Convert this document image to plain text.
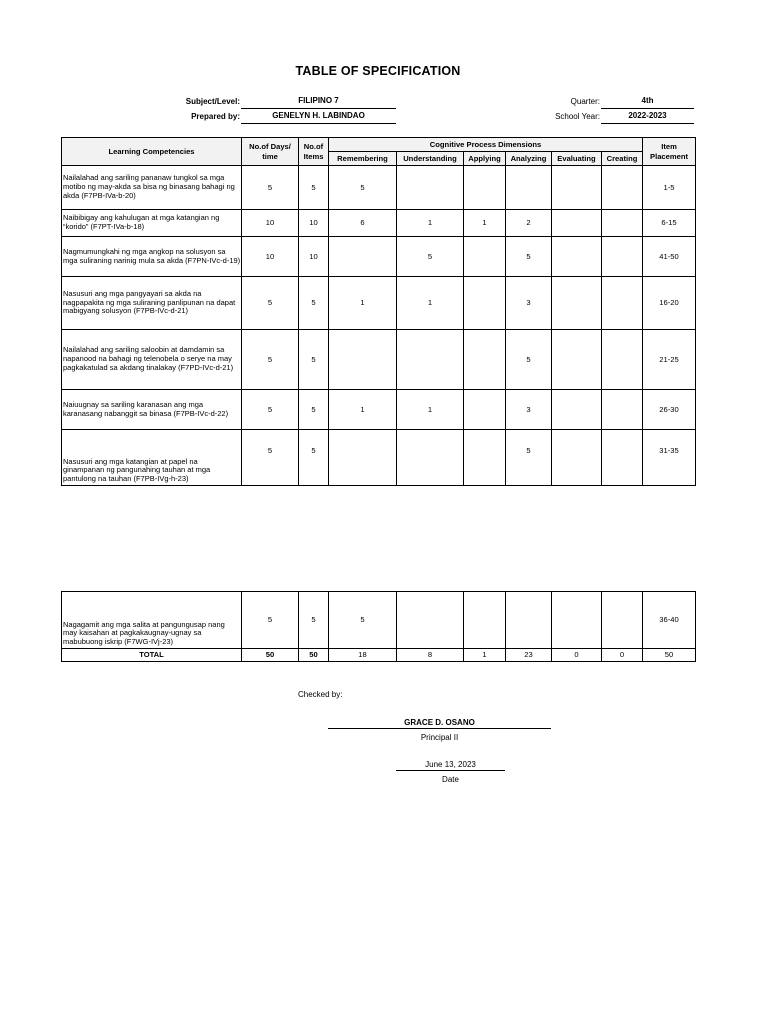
TABLE OF SPECIFICATION
Subject/Level:	FILIPINO 7
Prepared by:	GENELYN H. LABINDAO
Quarter:	4th
School Year:	2022-2023
Learning Competencies	No.of Days/ time	No.of Items	Cognitive Process Dimensions						Item Placement
			Remembering	Understanding	Applying	Analyzing	Evaluating	Creating	
Nailalahad ang sariling pananaw tungkol sa mga motibo ng may-akda sa bisa ng binasang bahagi ng akda (F7PB-IVa-b-20)	5	5	5						1-5
Naibibigay ang kahulugan at mga katangian ng “korido” (F7PT-IVa-b-18)	10	10	6	1	1	2			6-15
Nagmumungkahi ng mga angkop na solusyon sa mga suliraning narinig mula sa akda (F7PN-IVc-d-19)	10	10		5		5			41-50
Nasusuri ang mga pangyayari sa akda na nagpapakita ng mga suliraning panlipunan na dapat mabigyang solusyon (F7PB-IVc-d-21)	5	5	1	1		3			16-20
Nailalahad ang sariling saloobin at damdamin sa napanood na bahagi ng telenobela o serye na may pagkakatulad sa akdang tinalakay (F7PD-IVc-d-21)	5	5				5			21-25
Naiuugnay sa sariling karanasan ang mga karanasang nabanggit sa binasa (F7PB-IVc-d-22)	5	5	1	1		3			26-30
Nasusuri ang mga katangian at papel na ginampanan ng pangunahing tauhan at mga pantulong na tauhan (F7PB-IVg-h-23)	5	5				5			31-35
Nagagamit ang mga salita at pangungusap nang may kaisahan at pagkakaugnay-ugnay sa mabubuong iskrip (F7WG-IVj-23)	5	5	5						36-40
TOTAL	50	50	18	8	1	23	0	0	50
Checked by:
GRACE D. OSANO
Principal II
June 13, 2023
Date
